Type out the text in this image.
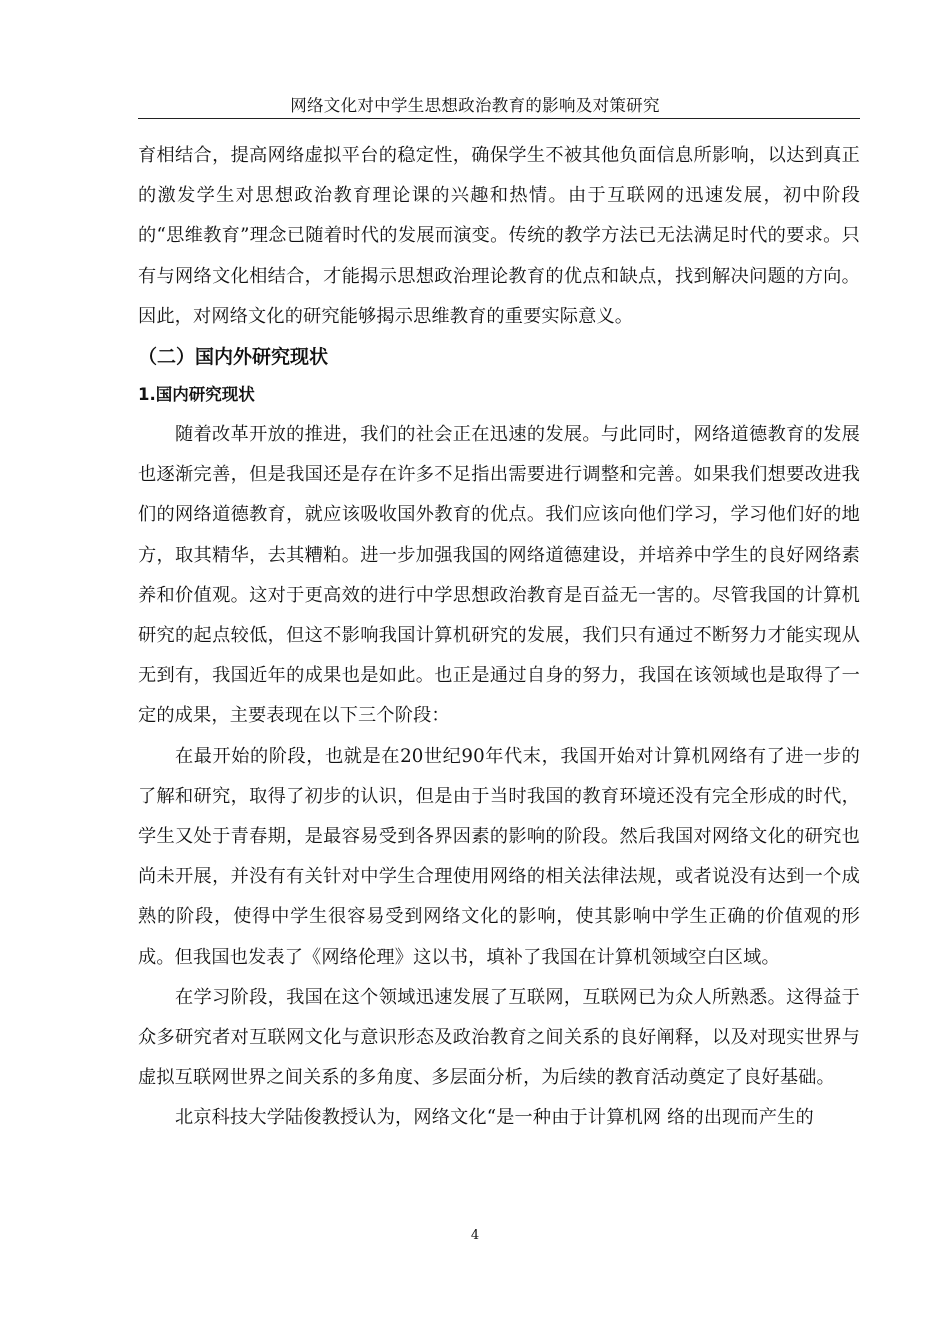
网络文化对中学生思想政治教育的影响及对策研究

育相结合，提高网络虚拟平台的稳定性，确保学生不被其他负面信息所影响，以达到真正的激发学生对思想政治教育理论课的兴趣和热情。由于互联网的迅速发展，初中阶段的“思维教育”理念已随着时代的发展而演变。传统的教学方法已无法满足时代的要求。只有与网络文化相结合，才能揭示思想政治理论教育的优点和缺点，找到解决问题的方向。因此，对网络文化的研究能够揭示思维教育的重要实际意义。

（二）国内外研究现状
1.国内研究现状

随着改革开放的推进，我们的社会正在迅速的发展。与此同时，网络道德教育的发展也逐渐完善，但是我国还是存在许多不足指出需要进行调整和完善。如果我们想要改进我们的网络道德教育，就应该吸收国外教育的优点。我们应该向他们学习，学习他们好的地方，取其精华，去其糟粕。进一步加强我国的网络道德建设，并培养中学生的良好网络素养和价值观。这对于更高效的进行中学思想政治教育是百益无一害的。尽管我国的计算机研究的起点较低，但这不影响我国计算机研究的发展，我们只有通过不断努力才能实现从无到有，我国近年的成果也是如此。也正是通过自身的努力，我国在该领域也是取得了一定的成果，主要表现在以下三个阶段：

在最开始的阶段，也就是在20世纪90年代末，我国开始对计算机网络有了进一步的了解和研究，取得了初步的认识，但是由于当时我国的教育环境还没有完全形成的时代，学生又处于青春期，是最容易受到各界因素的影响的阶段。然后我国对网络文化的研究也尚未开展，并没有有关针对中学生合理使用网络的相关法律法规，或者说没有达到一个成熟的阶段，使得中学生很容易受到网络文化的影响，使其影响中学生正确的价值观的形成。但我国也发表了《网络伦理》这以书，填补了我国在计算机领域空白区域。

在学习阶段，我国在这个领域迅速发展了互联网，互联网已为众人所熟悉。这得益于众多研究者对互联网文化与意识形态及政治教育之间关系的良好阐释，以及对现实世界与虚拟互联网世界之间关系的多角度、多层面分析，为后续的教育活动奠定了良好基础。

北京科技大学陆俊教授认为，网络文化“是一种由于计算机网 络的出现而产生的

4
